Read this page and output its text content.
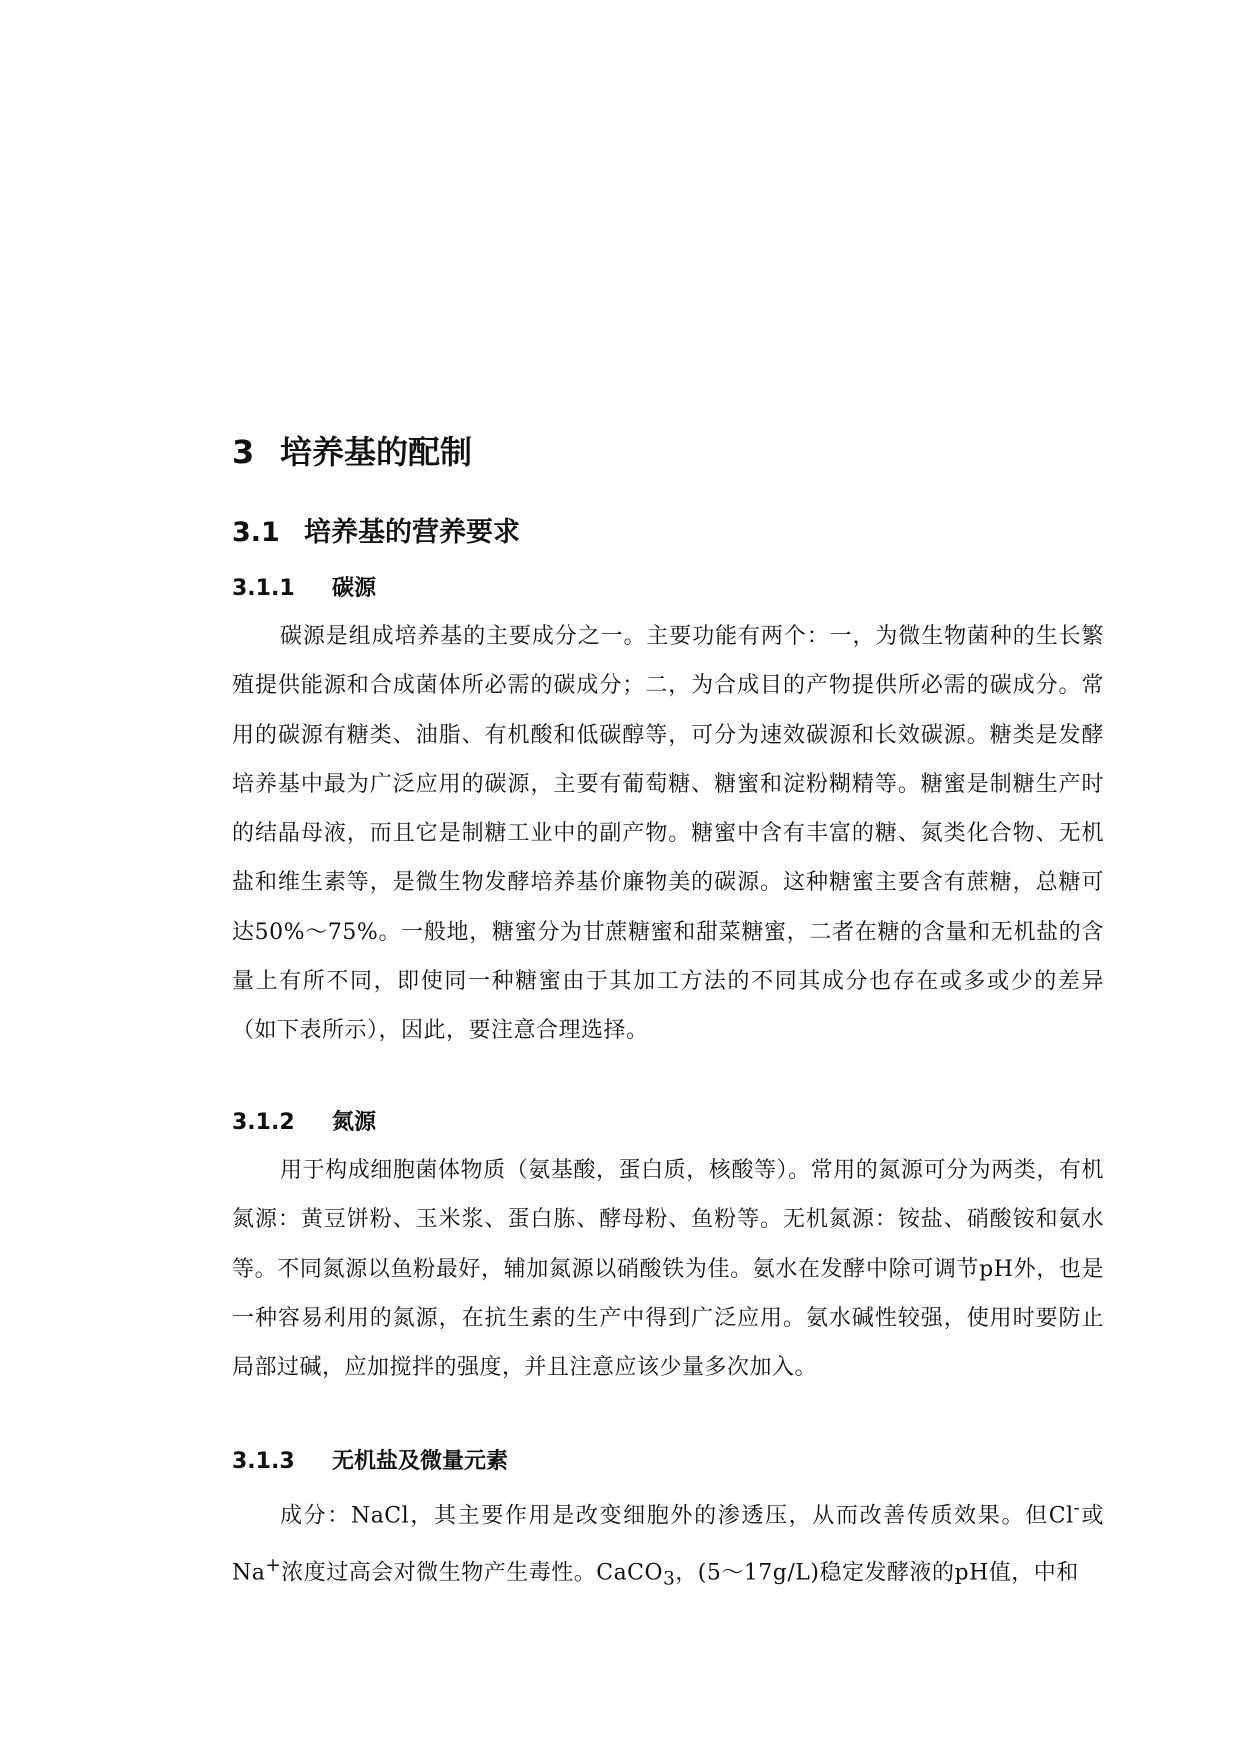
3 培养基的配制
3.1 培养基的营养要求
3.1.1 碳源

碳源是组成培养基的主要成分之一。主要功能有两个：一，为微生物菌种的生长繁殖提供能源和合成菌体所必需的碳成分；二，为合成目的产物提供所必需的碳成分。常用的碳源有糖类、油脂、有机酸和低碳醇等，可分为速效碳源和长效碳源。糖类是发酵培养基中最为广泛应用的碳源，主要有葡萄糖、糖蜜和淀粉糊精等。糖蜜是制糖生产时的结晶母液，而且它是制糖工业中的副产物。糖蜜中含有丰富的糖、氮类化合物、无机盐和维生素等，是微生物发酵培养基价廉物美的碳源。这种糖蜜主要含有蔗糖，总糖可达50%～75%。一般地，糖蜜分为甘蔗糖蜜和甜菜糖蜜，二者在糖的含量和无机盐的含量上有所不同，即使同一种糖蜜由于其加工方法的不同其成分也存在或多或少的差异（如下表所示），因此，要注意合理选择。

3.1.2 氮源

用于构成细胞菌体物质（氨基酸，蛋白质，核酸等）。常用的氮源可分为两类，有机氮源：黄豆饼粉、玉米浆、蛋白胨、酵母粉、鱼粉等。无机氮源：铵盐、硝酸铵和氨水等。不同氮源以鱼粉最好，辅加氮源以硝酸铁为佳。氨水在发酵中除可调节pH外，也是一种容易利用的氮源，在抗生素的生产中得到广泛应用。氨水碱性较强，使用时要防止局部过碱，应加搅拌的强度，并且注意应该少量多次加入。

3.1.3 无机盐及微量元素

成分：NaCl，其主要作用是改变细胞外的渗透压，从而改善传质效果。但Cl-或Na+浓度过高会对微生物产生毒性。CaCO$_3$，(5～17g/L)稳定发酵液的pH值，中和
